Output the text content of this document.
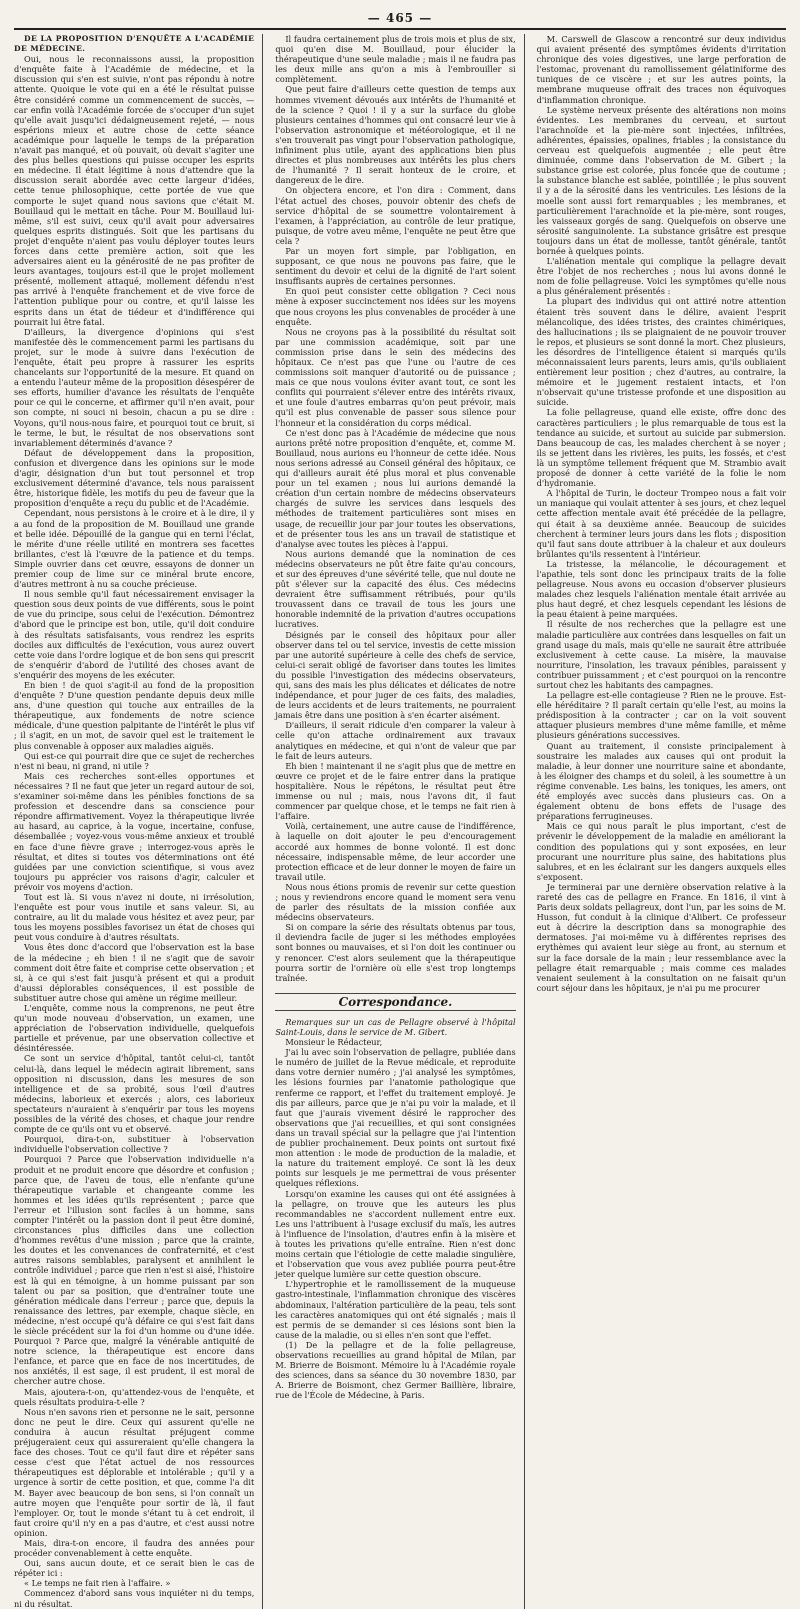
— 465 —

DE LA PROPOSITION D'ENQUÊTE A L'ACADÉMIE DE MÉDECINE.

Oui, nous le reconnaissons aussi, la proposition d'enquête faite à l'Académie de médecine, et la discussion qui s'en est suivie, n'ont pas répondu à notre attente. Quoique le vote qui en a été le résultat puisse être considéré comme un commencement de succès, — car enfin voilà l'Académie forcée de s'occuper d'un sujet qu'elle avait jusqu'ici dédaigneusement rejeté, — nous espérions mieux et autre chose de cette séance académique pour laquelle le temps de la préparation n'avait pas manqué, et où pouvait, où devait s'agiter une des plus belles questions qui puisse occuper les esprits en médecine. Il était légitime à nous d'attendre que la discussion serait abordée avec cette largeur d'idées, cette tenue philosophique, cette portée de vue que comporte le sujet quand nous savions que c'était M. Bouillaud qui le mettait en tâche. Pour M. Bouillaud lui-même, s'il est suivi, ceux qu'il avait pour adversaires quelques esprits distingués. Soit que les partisans du projet d'enquête n'aient pas voulu déployer toutes leurs forces dans cette première action, soit que les adversaires aient eu la générosité de ne pas profiter de leurs avantages, toujours est-il que le projet mollement présenté, mollement attaqué, mollement défendu n'est pas arrivé à l'enquête franchement et de vive force de l'attention publique pour ou contre, et qu'il laisse les esprits dans un état de tiédeur et d'indifférence qui pourrait lui être fatal.

D'ailleurs, la divergence d'opinions qui s'est manifestée dès le commencement parmi les partisans du projet, sur le mode à suivre dans l'exécution de l'enquête, était peu propre à rassurer les esprits chancelants sur l'opportunité de la mesure. Et quand on a entendu l'auteur même de la proposition désespérer de ses efforts, humilier d'avance les résultats de l'enquête pour ce qui le concerne, et affirmer qu'il n'en avait, pour son compte, ni souci ni besoin, chacun a pu se dire : Voyons, qu'il nous-nous faire, et pourquoi tout ce bruit, si le terme, le but, le résultat de nos observations sont invariablement déterminés d'avance ?

Défaut de développement dans la proposition, confusion et divergence dans les opinions sur le mode d'agir, désignation d'un but tout personnel et trop exclusivement déterminé d'avance, tels nous paraissent être, historique fidèle, les motifs du peu de faveur que la proposition d'enquête a reçu du public et de l'Académie.

Cependant, nous persistons à le croire et à le dire, il y a au fond de la proposition de M. Bouillaud une grande et belle idée. Dépouillé de la gangue qui en terni l'éclat, le mérite d'une réelle utilité en montrera ses facettes brillantes, c'est là l'œuvre de la patience et du temps. Simple ouvrier dans cet œuvre, essayons de donner un premier coup de lime sur ce minéral brute encore, d'autres mettront à nu sa couche précieuse.

Il nous semble qu'il faut nécessairement envisager la question sous deux points de vue différents, sous le point de vue du principe, sous celui de l'exécution. Démontrez d'abord que le principe est bon, utile, qu'il doit conduire à des résultats satisfaisants, vous rendrez les esprits dociles aux difficultés de l'exécution, vous aurez ouvert cette voie dans l'ordre logique et de bon sens qui prescrit de s'enquérir d'abord de l'utilité des choses avant de s'enquérir des moyens de les exécuter.

En bien ! de quoi s'agit-il au fond de la proposition d'enquête ? D'une question pendante depuis deux mille ans, d'une question qui touche aux entrailles de la thérapeutique, aux fondements de notre science médicale, d'une question palpitante de l'intérêt le plus vif ; il s'agit, en un mot, de savoir quel est le traitement le plus convenable à opposer aux maladies aiguës.

Qui est-ce qui pourrait dire que ce sujet de recherches n'est ni beau, ni grand, ni utile ?

Mais ces recherches sont-elles opportunes et nécessaires ? Il ne faut que jeter un regard autour de soi, s'examiner soi-même dans les pénibles fonctions de sa profession et descendre dans sa conscience pour répondre affirmativement. Voyez la thérapeutique livrée au hasard, au caprice, à la vogue, incertaine, confuse, désemballée ; voyez-vous vous-même anxieux et troublé en face d'une fièvre grave ; interrogez-vous après le résultat, et dites si toutes vos déterminations ont été guidées par une conviction scientifique, si vous avez toujours pu apprécier vos raisons d'agir, calculer et prévoir vos moyens d'action.

Tout est là. Si vous n'avez ni doute, ni irrésolution, l'enquête est pour vous inutile et sans valeur. Si, au contraire, au lit du malade vous hésitez et avez peur, par tous les moyens possibles favorisez un état de choses qui peut vous conduire à d'autres résultats.

Vous êtes donc d'accord que l'observation est la base de la médecine ; eh bien ! il ne s'agit que de savoir comment doit être faite et comprise cette observation ; et si, à ce qui s'est fait jusqu'à présent et qui a produit d'aussi déplorables conséquences, il est possible de substituer autre chose qui amène un régime meilleur.

L'enquête, comme nous la comprenons, ne peut être qu'un mode nouveau d'observation, un examen, une appréciation de l'observation individuelle, quelquefois partielle et prévenue, par une observation collective et désintéressée.

Ce sont un service d'hôpital, tantôt celui-ci, tantôt celui-là, dans lequel le médecin agirait librement, sans opposition ni discussion, dans les mesures de son intelligence et de sa probité, sous l'œil d'autres médecins, laborieux et exercés ; alors, ces laborieux spectateurs n'auraient à s'enquérir par tous les moyens possibles de la vérité des choses, et chaque jour rendre compte de ce qu'ils ont vu et observé.

Pourquoi, dira-t-on, substituer à l'observation individuelle l'observation collective ?

Pourquoi ? Parce que l'observation individuelle n'a produit et ne produit encore que désordre et confusion ; parce que, de l'aveu de tous, elle n'enfante qu'une thérapeutique variable et changeante comme les hommes et les idées qu'ils représentent ; parce que l'erreur et l'illusion sont faciles à un homme, sans compter l'intérêt ou la passion dont il peut être dominé, circonstances plus difficiles dans une collection d'hommes revêtus d'une mission ; parce que la crainte, les doutes et les convenances de confraternité, et c'est autres raisons semblables, paralysent et annihilent le contrôle individuel ; parce que rien n'est si aisé, l'histoire est là qui en témoigne, à un homme puissant par son talent ou par sa position, que d'entraîner toute une génération médicale dans l'erreur ; parce que, depuis la renaissance des lettres, par exemple, chaque siècle, en médecine, n'est occupé qu'à défaire ce qui s'est fait dans le siècle précédent sur la foi d'un homme ou d'une idée. Pourquoi ? Parce que, malgré la vénérable antiquité de notre science, la thérapeutique est encore dans l'enfance, et parce que en face de nos incertitudes, de nos anxiétés, il est sage, il est prudent, il est moral de chercher autre chose.

Mais, ajoutera-t-on, qu'attendez-vous de l'enquête, et quels résultats produira-t-elle ?

Nous n'en savons rien et personne ne le sait, personne donc ne peut le dire. Ceux qui assurent qu'elle ne conduira à aucun résultat préjugent comme préjugeraient ceux qui assureraient qu'elle changera la face des choses. Tout ce qu'il faut dire et répéter sans cesse c'est que l'état actuel de nos ressources thérapeutiques est déplorable et intolérable ; qu'il y a urgence à sortir de cette position, et que, comme l'a dit M. Bayer avec beaucoup de bon sens, si l'on connaît un autre moyen que l'enquête pour sortir de là, il faut l'employer. Or, tout le monde s'étant tu à cet endroit, il faut croire qu'il n'y en a pas d'autre, et c'est aussi notre opinion.

Mais, dira-t-on encore, il faudra des années pour procéder convenablement à cette enquête.

Oui, sans aucun doute, et ce serait bien le cas de répéter ici :

« Le temps ne fait rien à l'affaire. »

Commencez d'abord sans vous inquiéter ni du temps, ni du résultat.

Il faudra certainement plus de trois mois et plus de six, quoi qu'en dise M. Bouillaud, pour élucider la thérapeutique d'une seule maladie ; mais il ne faudra pas les deux mille ans qu'on a mis à l'embrouiller si complètement.

Que peut faire d'ailleurs cette question de temps aux hommes vivement dévoués aux intérêts de l'humanité et de la science ? Quoi ! il y a sur la surface du globe plusieurs centaines d'hommes qui ont consacré leur vie à l'observation astronomique et météorologique, et il ne s'en trouverait pas vingt pour l'observation pathologique, infiniment plus utile, ayant des applications bien plus directes et plus nombreuses aux intérêts les plus chers de l'humanité ? Il serait honteux de le croire, et dangereux de le dire.

On objectera encore, et l'on dira : Comment, dans l'état actuel des choses, pouvoir obtenir des chefs de service d'hôpital de se soumettre volontairement à l'examen, à l'appréciation, au contrôle de leur pratique, puisque, de votre aveu même, l'enquête ne peut être que cela ?

Par un moyen fort simple, par l'obligation, en supposant, ce que nous ne pouvons pas faire, que le sentiment du devoir et celui de la dignité de l'art soient insuffisants auprès de certaines personnes.

En quoi peut consister cette obligation ? Ceci nous mène à exposer succinctement nos idées sur les moyens que nous croyons les plus convenables de procéder à une enquête.

Nous ne croyons pas à la possibilité du résultat soit par une commission académique, soit par une commission prise dans le sein des médecins des hôpitaux. Ce n'est pas que l'une ou l'autre de ces commissions soit manquer d'autorité ou de puissance ; mais ce que nous voulons éviter avant tout, ce sont les conflits qui pourraient s'élever entre des intérêts rivaux, et une foule d'autres embarras qu'on peut prévoir, mais qu'il est plus convenable de passer sous silence pour l'honneur et la considération du corps médical.

Ce n'est donc pas à l'Académie de médecine que nous aurions prêté notre proposition d'enquête, et, comme M. Bouillaud, nous aurions eu l'honneur de cette idée. Nous nous serions adressé au Conseil général des hôpitaux, ce qui d'ailleurs aurait été plus moral et plus convenable pour un tel examen ; nous lui aurions demandé la création d'un certain nombre de médecins observateurs chargés de suivre les services dans lesquels des méthodes de traitement particulières sont mises en usage, de recueillir jour par jour toutes les observations, et de présenter tous les ans un travail de statistique et d'analyse avec toutes les pièces à l'appui.

Nous aurions demandé que la nomination de ces médecins observateurs ne pût être faite qu'au concours, et sur des épreuves d'une sévérité telle, que nul doute ne pût s'élever sur la capacité des élus. Ces médecins devraient être suffisamment rétribués, pour qu'ils trouvassent dans ce travail de tous les jours une honorable indemnité de la privation d'autres occupations lucratives.

Désignés par le conseil des hôpitaux pour aller observer dans tel ou tel service, investis de cette mission par une autorité supérieure à celle des chefs de service, celui-ci serait obligé de favoriser dans toutes les limites du possible l'investigation des médecins observateurs, qui, sans des mais les plus délicates et délicates de notre indépendance, et pour juger de ces faits, des maladies, de leurs accidents et de leurs traitements, ne pourraient jamais être dans une position à s'en écarter aisément.

D'ailleurs, il serait ridicule d'en comparer la valeur à celle qu'on attache ordinairement aux travaux analytiques en médecine, et qui n'ont de valeur que par le fait de leurs auteurs.

Eh bien ! maintenant il ne s'agit plus que de mettre en œuvre ce projet et de le faire entrer dans la pratique hospitalière. Nous le répétons, le résultat peut être immense ou nul ; mais, nous l'avons dit, il faut commencer par quelque chose, et le temps ne fait rien à l'affaire.

Voilà, certainement, une autre cause de l'indifférence, à laquelle on doit ajouter le peu d'encouragement accordé aux hommes de bonne volonté. Il est donc nécessaire, indispensable même, de leur accorder une protection efficace et de leur donner le moyen de faire un travail utile.

Nous nous étions promis de revenir sur cette question ; nous y reviendrons encore quand le moment sera venu de parler des résultats de la mission confiée aux médecins observateurs.

Si on compare la série des résultats obtenus par tous, il deviendra facile de juger si les méthodes employées sont bonnes ou mauvaises, et si l'on doit les continuer ou y renoncer. C'est alors seulement que la thérapeutique pourra sortir de l'ornière où elle s'est trop longtemps traînée.

Correspondance.

Remarques sur un cas de Pellagre observé à l'hôpital Saint-Louis, dans le service de M. Gibert.

Monsieur le Rédacteur,

J'ai lu avec soin l'observation de pellagre, publiée dans le numéro de juillet de la Revue médicale, et reproduite dans votre dernier numéro ; j'ai analysé les symptômes, les lésions fournies par l'anatomie pathologique que renferme ce rapport, et l'effet du traitement employé. Je dis par ailleurs, parce que je n'ai pu voir la malade, et il faut que j'aurais vivement désiré le rapprocher des observations que j'ai recueillies, et qui sont consignées dans un travail spécial sur la pellagre que j'ai l'intention de publier prochainement. Deux points ont surtout fixé mon attention : le mode de production de la maladie, et la nature du traitement employé. Ce sont là les deux points sur lesquels je me permettrai de vous présenter quelques réflexions.

Lorsqu'on examine les causes qui ont été assignées à la pellagre, on trouve que les auteurs les plus recommandables ne s'accordent nullement entre eux. Les uns l'attribuent à l'usage exclusif du maïs, les autres à l'influence de l'insolation, d'autres enfin à la misère et à toutes les privations qu'elle entraîne. Rien n'est donc moins certain que l'étiologie de cette maladie singulière, et l'observation que vous avez publiée pourra peut-être jeter quelque lumière sur cette question obscure.

L'hypertrophie et le ramollissement de la muqueuse gastro-intestinale, l'inflammation chronique des viscères abdominaux, l'altération particulière de la peau, tels sont les caractères anatomiques qui ont été signalés ; mais il est permis de se demander si ces lésions sont bien la cause de la maladie, ou si elles n'en sont que l'effet.

(1) De la pellagre et de la folie pellagreuse, observations recueillies au grand hôpital de Milan, par M. Brierre de Boismont. Mémoire lu à l'Académie royale des sciences, dans sa séance du 30 novembre 1830, par A. Brierre de Boismont, chez Germer Baillière, libraire, rue de l'École de Médecine, à Paris.

M. Carswell de Glascow a rencontré sur deux individus qui avaient présenté des symptômes évidents d'irritation chronique des voies digestives, une large perforation de l'estomac, provenant du ramollissement gélatiniforme des tuniques de ce viscère ; et sur les autres points, la membrane muqueuse offrait des traces non équivoques d'inflammation chronique.

Le système nerveux présente des altérations non moins évidentes. Les membranes du cerveau, et surtout l'arachnoïde et la pie-mère sont injectées, infiltrées, adhérentes, épaissies, opalines, friables ; la consistance du cerveau est quelquefois augmentée ; elle peut être diminuée, comme dans l'observation de M. Gibert ; la substance grise est colorée, plus foncée que de coutume ; la substance blanche est sablée, pointillée ; le plus souvent il y a de la sérosité dans les ventricules. Les lésions de la moelle sont aussi fort remarquables ; les membranes, et particulièrement l'arachnoïde et la pie-mère, sont rouges, les vaisseaux gorgés de sang. Quelquefois on observe une sérosité sanguinolente. La substance grisâtre est presque toujours dans un état de mollesse, tantôt générale, tantôt bornée à quelques points.

L'aliénation mentale qui complique la pellagre devait être l'objet de nos recherches ; nous lui avons donné le nom de folie pellagreuse. Voici les symptômes qu'elle nous a plus généralement présentés :

La plupart des individus qui ont attiré notre attention étaient très souvent dans le délire, avaient l'esprit mélancolique, des idées tristes, des craintes chimériques, des hallucinations ; ils se plaignaient de ne pouvoir trouver le repos, et plusieurs se sont donné la mort. Chez plusieurs, les désordres de l'intelligence étaient si marqués qu'ils méconnaissaient leurs parents, leurs amis, qu'ils oubliaient entièrement leur position ; chez d'autres, au contraire, la mémoire et le jugement restaient intacts, et l'on n'observait qu'une tristesse profonde et une disposition au suicide.

La folie pellagreuse, quand elle existe, offre donc des caractères particuliers ; le plus remarquable de tous est la tendance au suicide, et surtout au suicide par submersion. Dans beaucoup de cas, les malades cherchent à se noyer ; ils se jettent dans les rivières, les puits, les fossés, et c'est là un symptôme tellement fréquent que M. Strambio avait proposé de donner à cette variété de la folie le nom d'hydromanie.

A l'hôpital de Turin, le docteur Trompeo nous a fait voir un maniaque qui voulait attenter à ses jours, et chez lequel cette affection mentale avait été précédée de la pellagre, qui était à sa deuxième année. Beaucoup de suicides cherchent à terminer leurs jours dans les flots ; disposition qu'il faut sans doute attribuer à la chaleur et aux douleurs brûlantes qu'ils ressentent à l'intérieur.

La tristesse, la mélancolie, le découragement et l'apathie, tels sont donc les principaux traits de la folie pellagreuse. Nous avons eu occasion d'observer plusieurs malades chez lesquels l'aliénation mentale était arrivée au plus haut degré, et chez lesquels cependant les lésions de la peau étaient à peine marquées.

Il résulte de nos recherches que la pellagre est une maladie particulière aux contrées dans lesquelles on fait un grand usage du maïs, mais qu'elle ne saurait être attribuée exclusivement à cette cause. La misère, la mauvaise nourriture, l'insolation, les travaux pénibles, paraissent y contribuer puissamment ; et c'est pourquoi on la rencontre surtout chez les habitants des campagnes.

La pellagre est-elle contagieuse ? Rien ne le prouve. Est-elle héréditaire ? Il paraît certain qu'elle l'est, au moins la prédisposition à la contracter ; car on la voit souvent attaquer plusieurs membres d'une même famille, et même plusieurs générations successives.

Quant au traitement, il consiste principalement à soustraire les malades aux causes qui ont produit la maladie, à leur donner une nourriture saine et abondante, à les éloigner des champs et du soleil, à les soumettre à un régime convenable. Les bains, les toniques, les amers, ont été employés avec succès dans plusieurs cas. On a également obtenu de bons effets de l'usage des préparations ferrugineuses.

Mais ce qui nous paraît le plus important, c'est de prévenir le développement de la maladie en améliorant la condition des populations qui y sont exposées, en leur procurant une nourriture plus saine, des habitations plus salubres, et en les éclairant sur les dangers auxquels elles s'exposent.

Je terminerai par une dernière observation relative à la rareté des cas de pellagre en France. En 1816, il vint à Paris deux soldats pellagreux, dont l'un, par les soins de M. Husson, fut conduit à la clinique d'Alibert. Ce professeur eut à décrire la description dans sa monographie des dermatoses. J'ai moi-même vu à différentes reprises des erythèmes qui avaient leur siège au front, au sternum et sur la face dorsale de la main ; leur ressemblance avec la pellagre était remarquable ; mais comme ces malades venaient seulement à la consultation on ne faisait qu'un court séjour dans les hôpitaux, je n'ai pu me procurer
